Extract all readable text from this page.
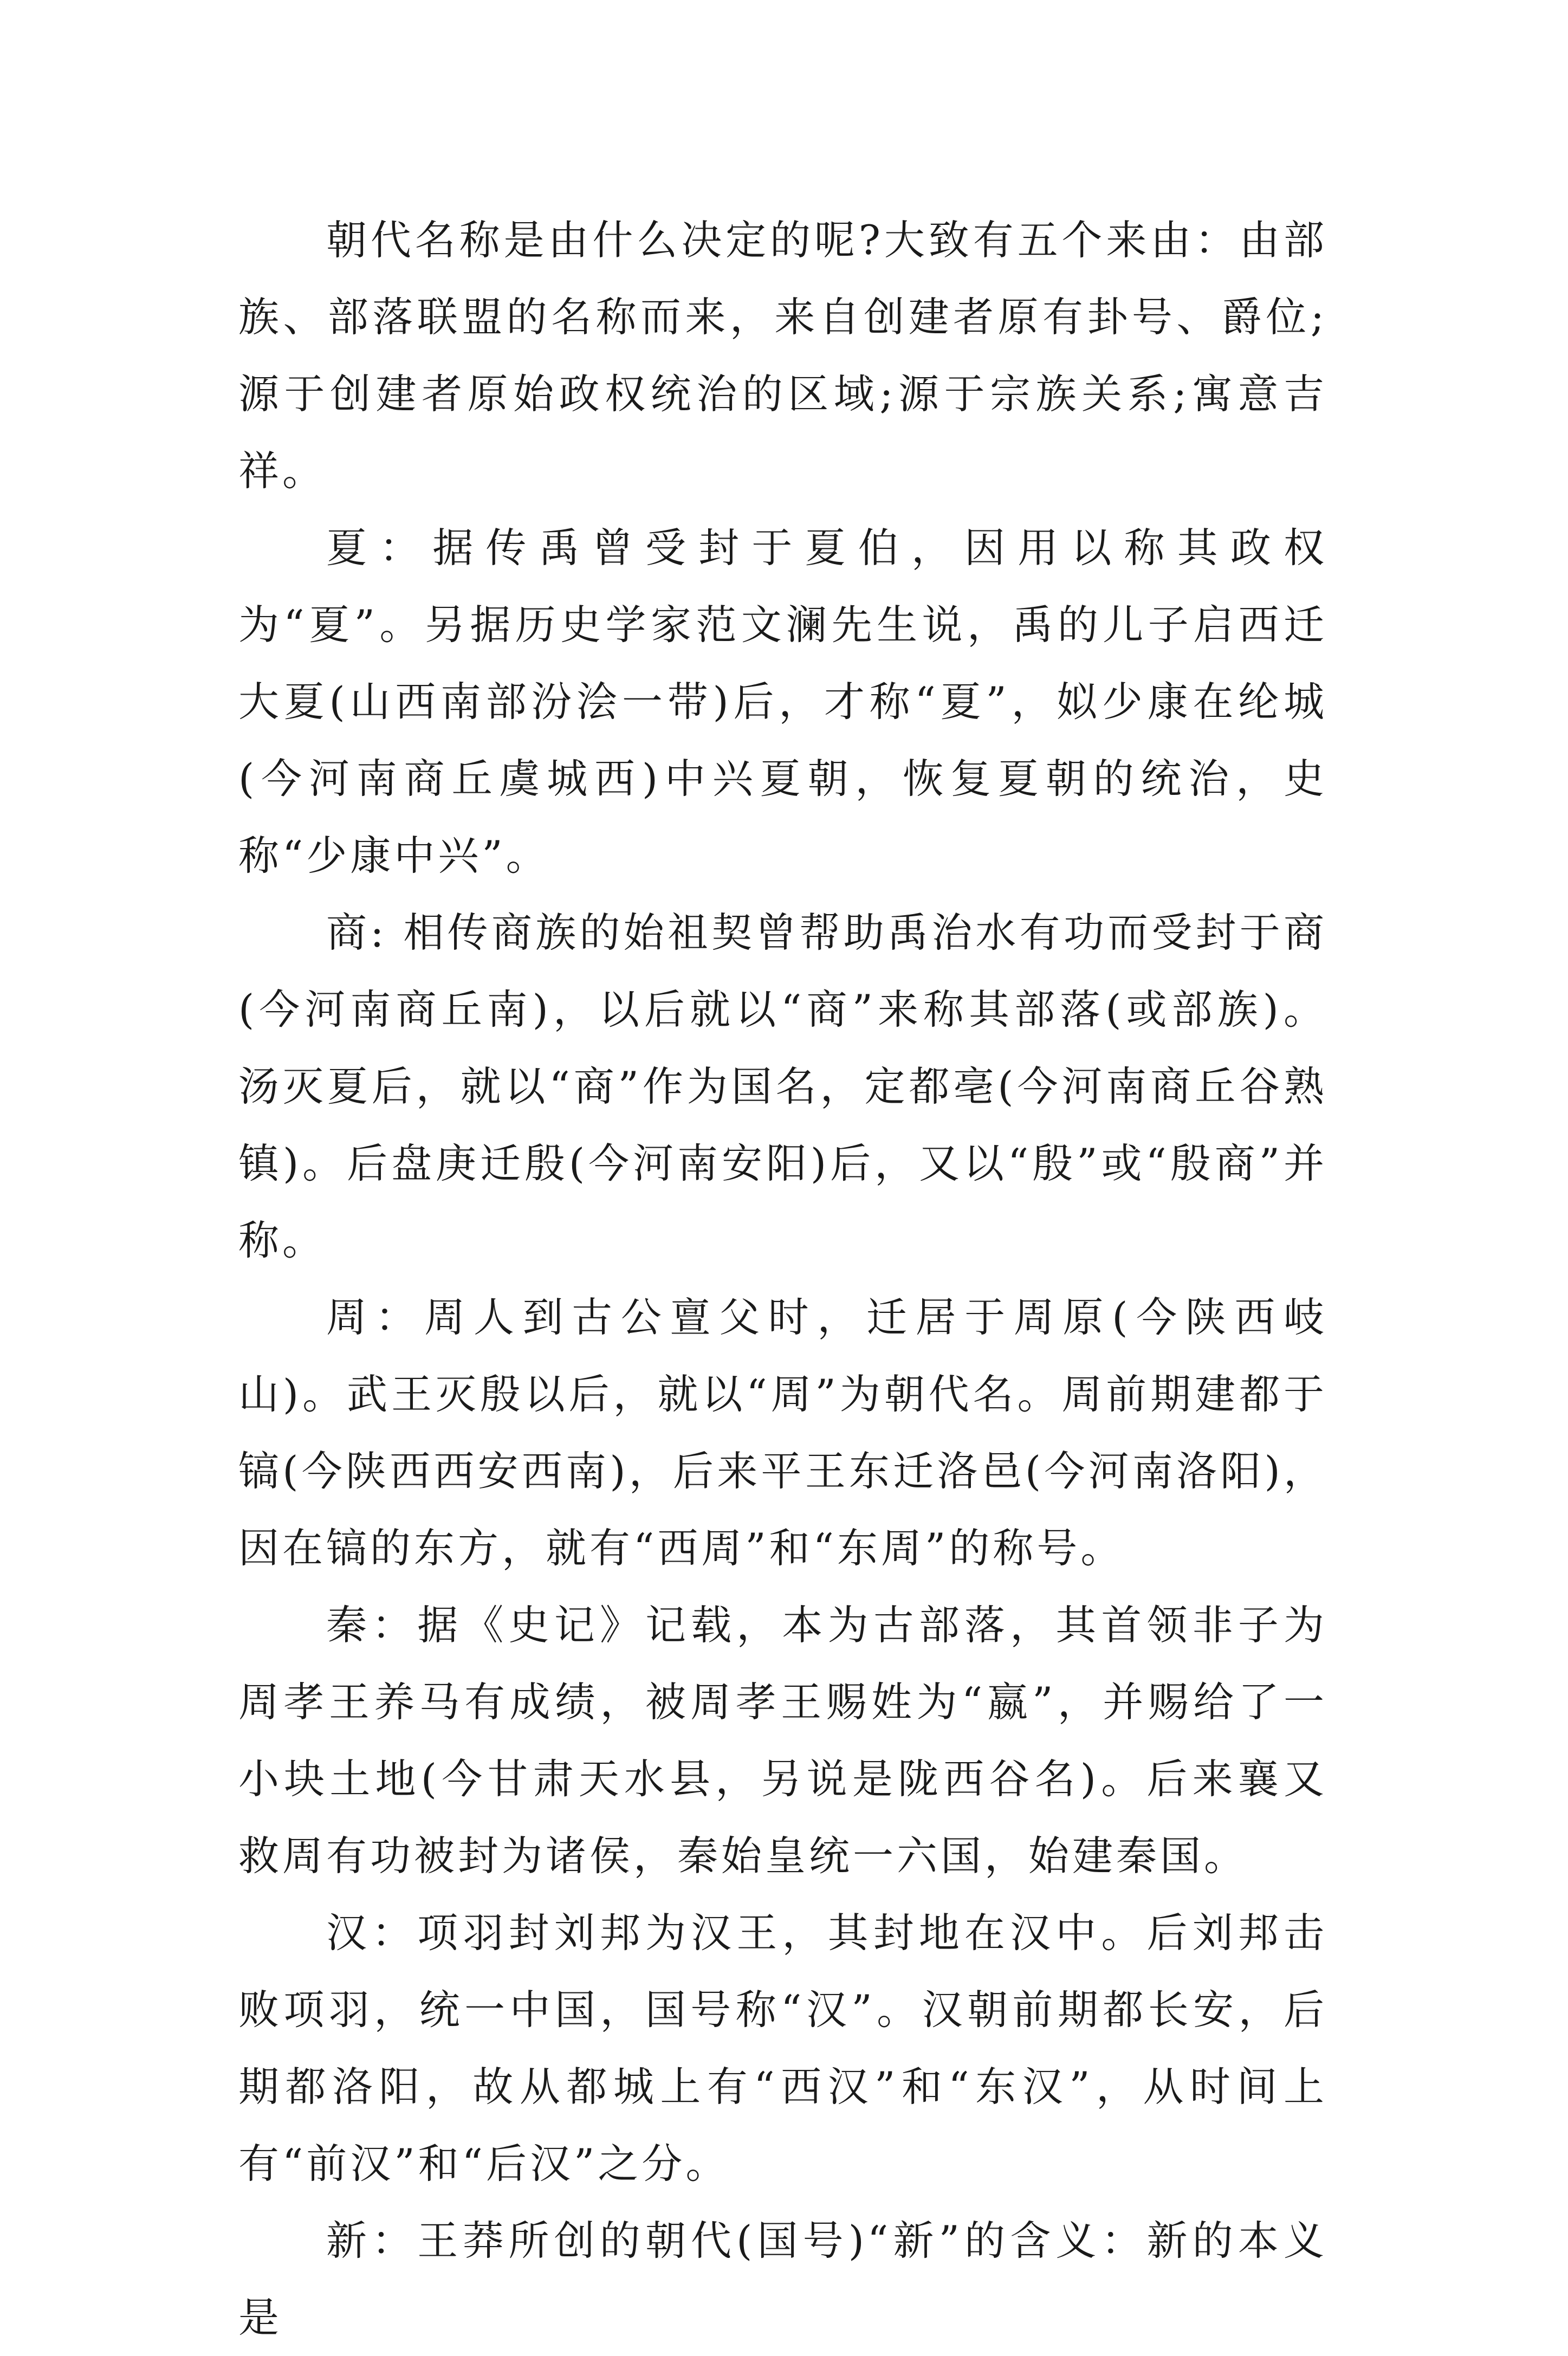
朝代名称是由什么决定的呢?大致有五个来由：由部族、部落联盟的名称而来，来自创建者原有卦号、爵位;源于创建者原始政权统治的区域;源于宗族关系;寓意吉祥。

夏：据传禹曾受封于夏伯，因用以称其政权为“夏”。另据历史学家范文澜先生说，禹的儿子启西迁大夏(山西南部汾浍一带)后，才称“夏”，姒少康在纶城(今河南商丘虞城西)中兴夏朝，恢复夏朝的统治，史称“少康中兴”。

商: 相传商族的始祖契曾帮助禹治水有功而受封于商(今河南商丘南)，以后就以“商”来称其部落(或部族)。汤灭夏后，就以“商”作为国名，定都亳(今河南商丘谷熟镇)。后盘庚迁殷(今河南安阳)后，又以“殷”或“殷商”并称。

周：周人到古公亶父时，迁居于周原(今陕西岐山)。武王灭殷以后，就以“周”为朝代名。周前期建都于镐(今陕西西安西南)，后来平王东迁洛邑(今河南洛阳)，因在镐的东方，就有“西周”和“东周”的称号。

秦：据《史记》记载，本为古部落，其首领非子为周孝王养马有成绩，被周孝王赐姓为“嬴”，并赐给了一小块土地(今甘肃天水县，另说是陇西谷名)。后来襄又救周有功被封为诸侯，秦始皇统一六国，始建秦国。

汉：项羽封刘邦为汉王，其封地在汉中。后刘邦击败项羽，统一中国，国号称“汉”。汉朝前期都长安，后期都洛阳，故从都城上有“西汉”和“东汉”，从时间上有“前汉”和“后汉”之分。

新：王莽所创的朝代(国号)“新”的含义：新的本义是
